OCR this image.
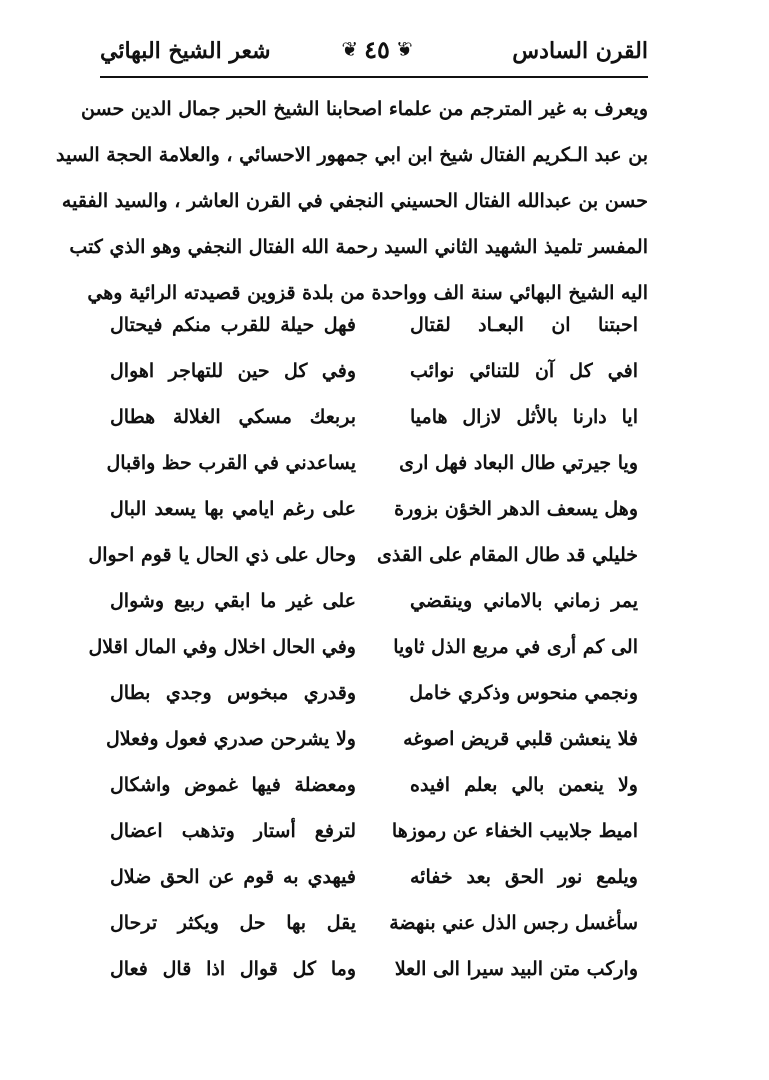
القرن السادس
❦ ٤٥ ❦
شعر الشيخ البهائي
ويعرف به غير المترجم من علماء اصحابنا الشيخ الحبر جمال الدين حسن
بن عبد الـكريم الفتال شيخ ابن ابي جمهور الاحسائي ، والعلامة الحجة السيد
حسن بن عبدالله الفتال الحسيني النجفي في القرن العاشر ، والسيد الفقيه
المفسر تلميذ الشهيد الثاني السيد رحمة الله الفتال النجفي وهو الذي كتب
اليه الشيخ البهائي سنة الف وواحدة من بلدة قزوين قصيدته الرائية وهي
احبتنا ان البعـاد لقتال
فهل حيلة للقرب منكم فيحتال
افي كل آن للتنائي نوائب
وفي كل حين للتهاجر اهوال
ايا دارنا بالأثل لازال هاميا
بربعك مسكي الغلالة هطال
ويا جيرتي طال البعاد فهل ارى
يساعدني في القرب حظ واقبال
وهل يسعف الدهر الخؤن بزورة
على رغم ايامي بها يسعد البال
خليلي قد طال المقام على القذى
وحال على ذي الحال يا قوم احوال
يمر زماني بالاماني وينقضي
على غير ما ابقي ربيع وشوال
الى كم أرى في مربع الذل ثاويا
وفي الحال اخلال وفي المال اقلال
ونجمي منحوس وذكري خامل
وقدري مبخوس وجدي بطال
فلا ينعشن قلبي قريض اصوغه
ولا يشرحن صدري فعول وفعلال
ولا ينعمن بالي بعلم افيده
ومعضلة فيها غموض واشكال
اميط جلابيب الخفاء عن رموزها
لترفع أستار وتذهب اعضال
ويلمع نور الحق بعد خفائه
فيهدي به قوم عن الحق ضلال
سأغسل رجس الذل عني بنهضة
يقل بها حل ويكثر ترحال
واركب متن البيد سيرا الى العلا
وما كل قوال اذا قال فعال
